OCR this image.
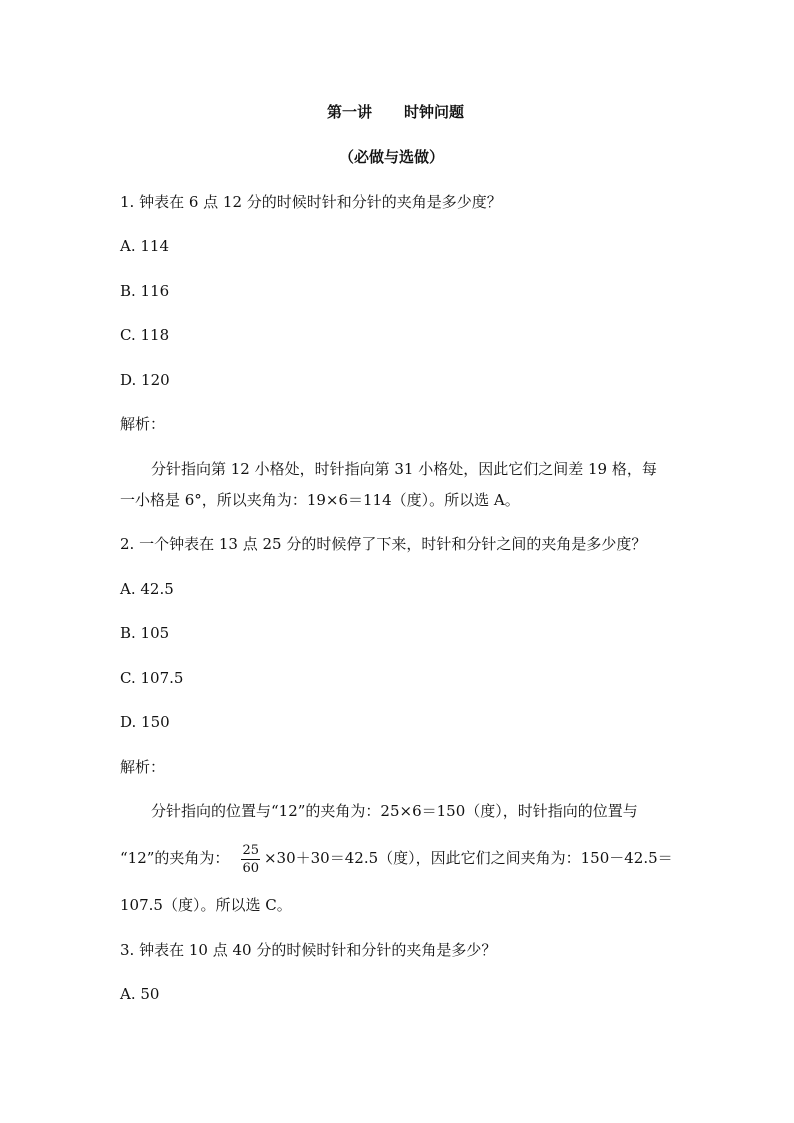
第一讲 时钟问题
（必做与选做）
1. 钟表在 6 点 12 分的时候时针和分针的夹角是多少度？
A. 114
B. 116
C. 118
D. 120
解析：
分针指向第 12 小格处，时针指向第 31 小格处，因此它们之间差 19 格，每
一小格是 6°，所以夹角为：19×6＝114（度）。所以选 A。
2. 一个钟表在 13 点 25 分的时候停了下来，时针和分针之间的夹角是多少度？
A. 42.5
B. 105
C. 107.5
D. 150
解析：
分针指向的位置与“12”的夹角为：25×6＝150（度），时针指向的位置与
“12”的夹角为： $\frac{25}{60} \times 30+30=42.5$（度），因此它们之间夹角为：150－42.5＝
107.5（度）。所以选 C。
3. 钟表在 10 点 40 分的时候时针和分针的夹角是多少？
A. 50
